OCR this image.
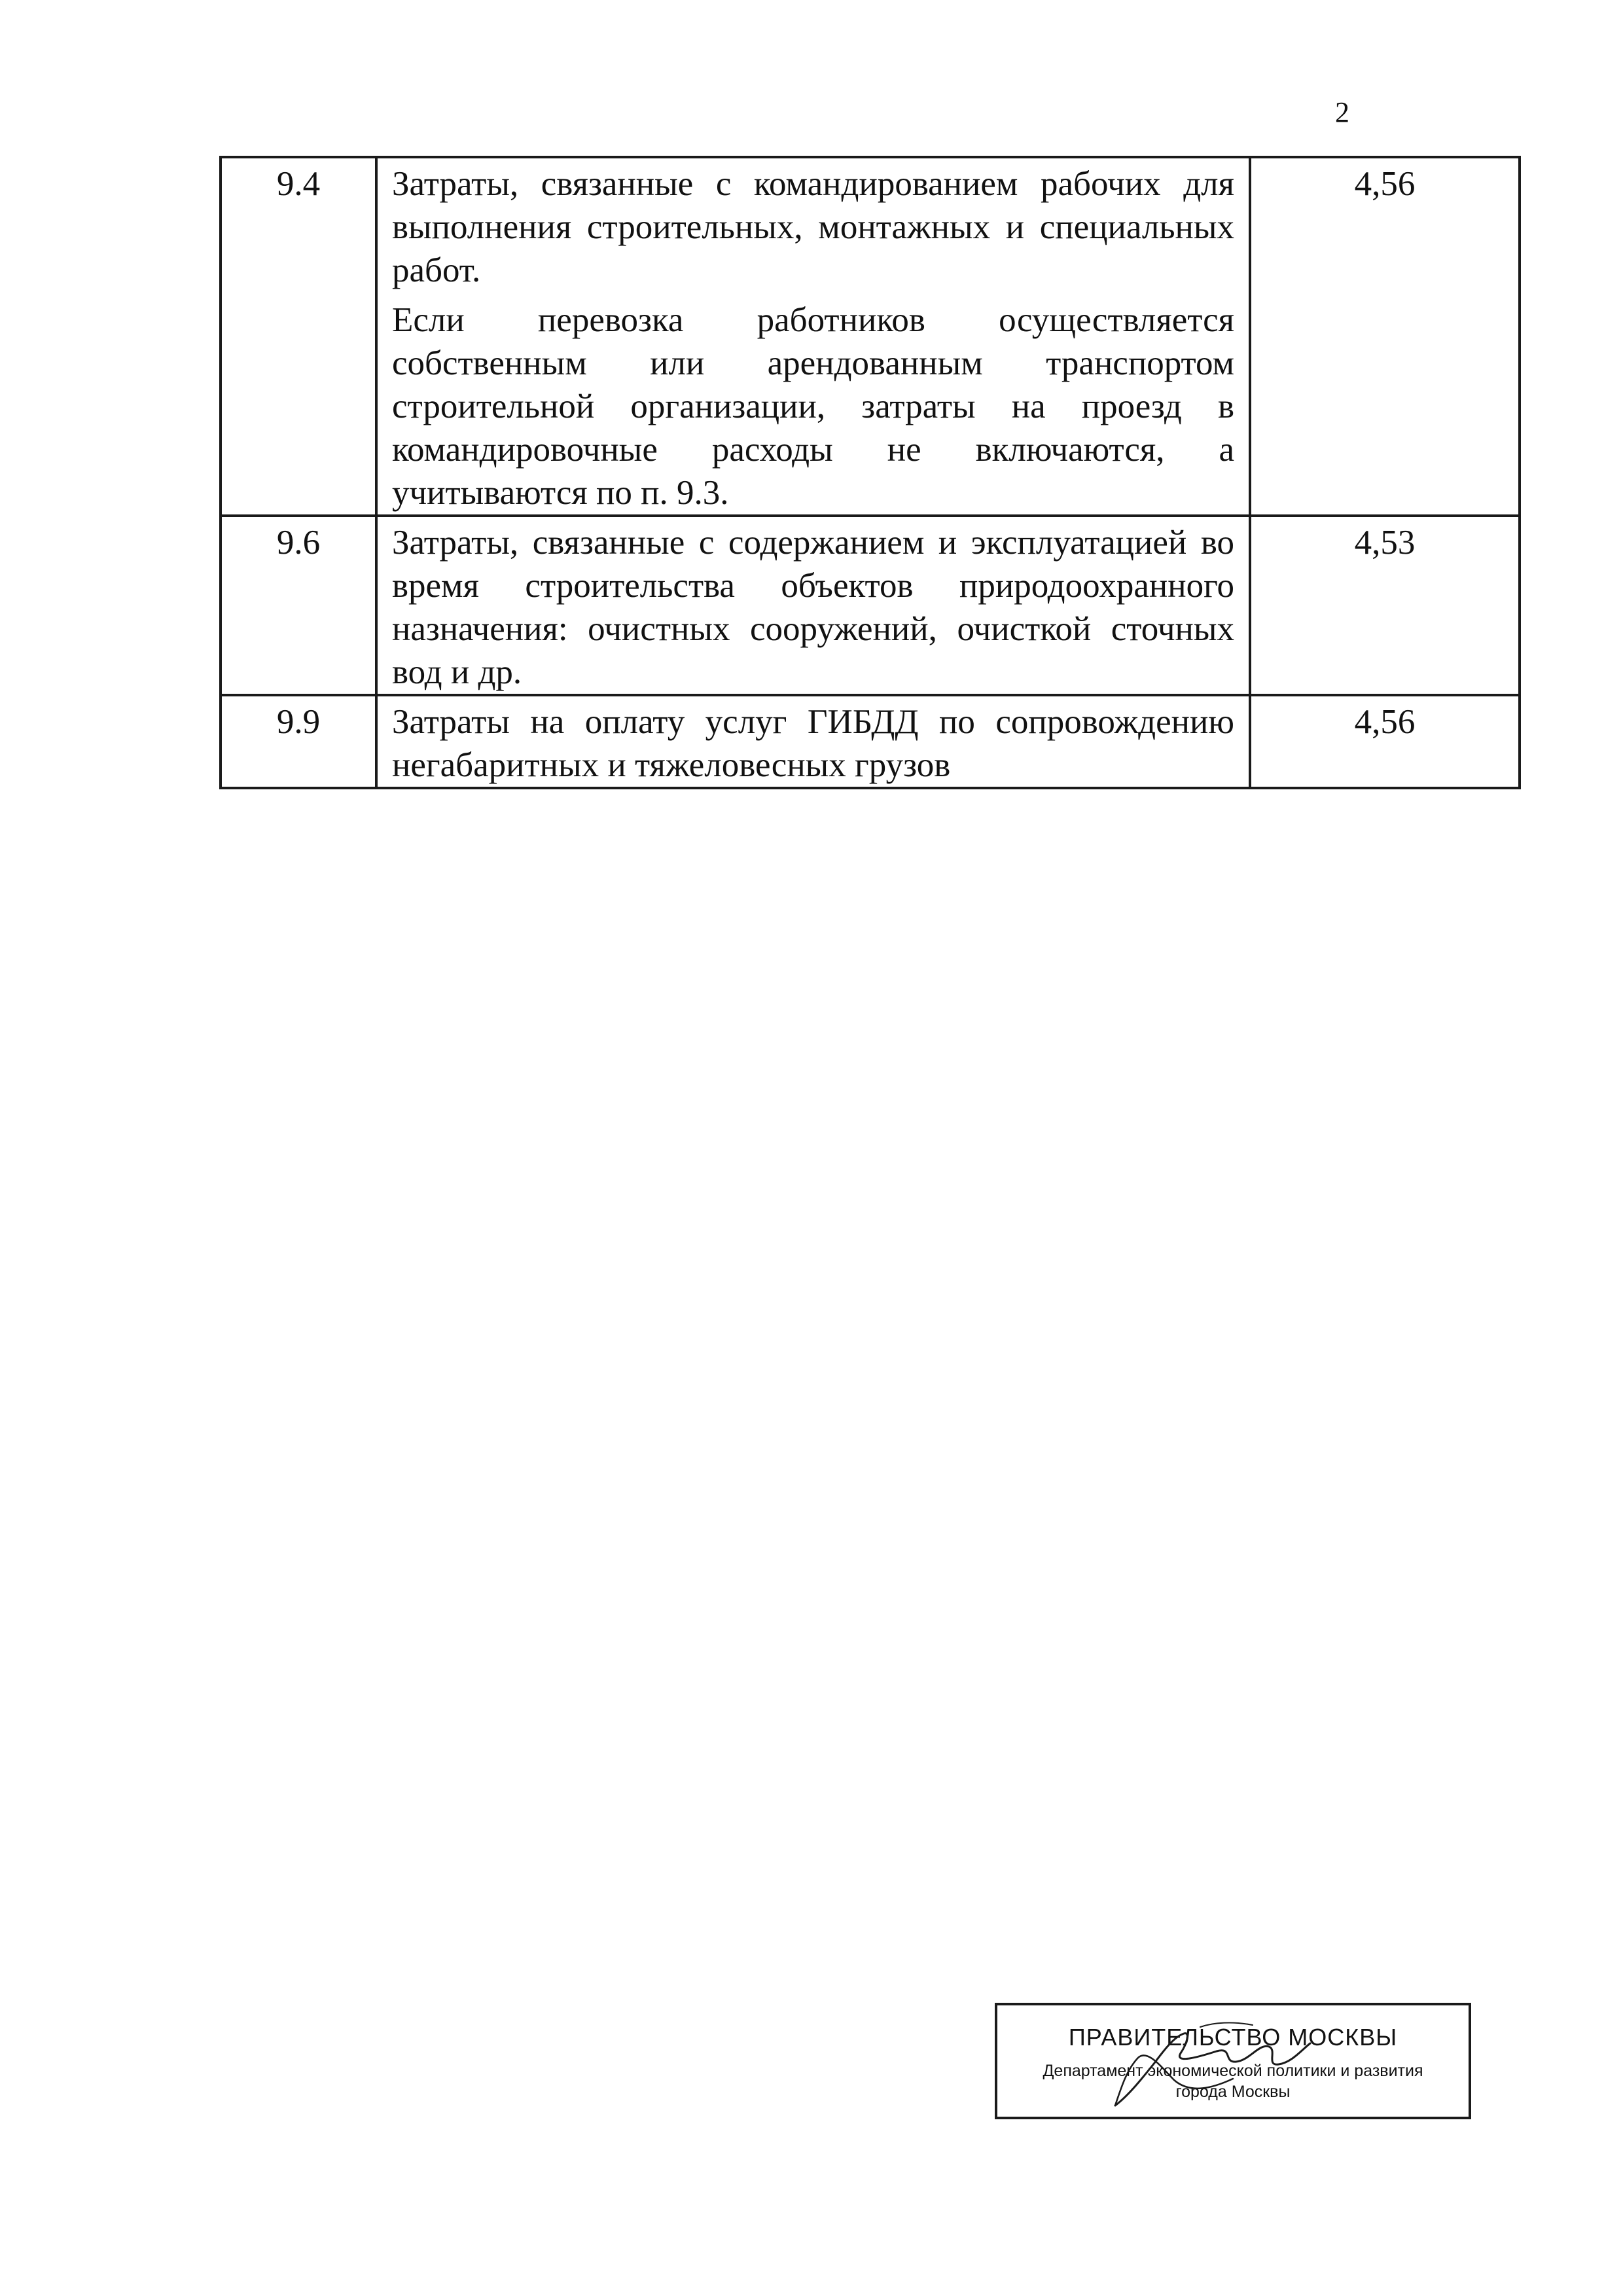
2
9.4	Затраты, связанные с командированием рабочих для выполнения строительных, монтажных и специальных работ.
Если перевозка работников осуществляется собственным или арендованным транспортом строительной организации, затраты на проезд в командировочные расходы не включаются, а учитываются по п. 9.3.	4,56
9.6	Затраты, связанные с содержанием и эксплуатацией во время строительства объектов природоохранного назначения: очистных сооружений, очисткой сточных вод и др.	4,53
9.9	Затраты на оплату услуг ГИБДД по сопровождению негабаритных и тяжеловесных грузов	4,56
ПРАВИТЕЛЬСТВО МОСКВЫ
Департамент экономической политики и развития
города Москвы
